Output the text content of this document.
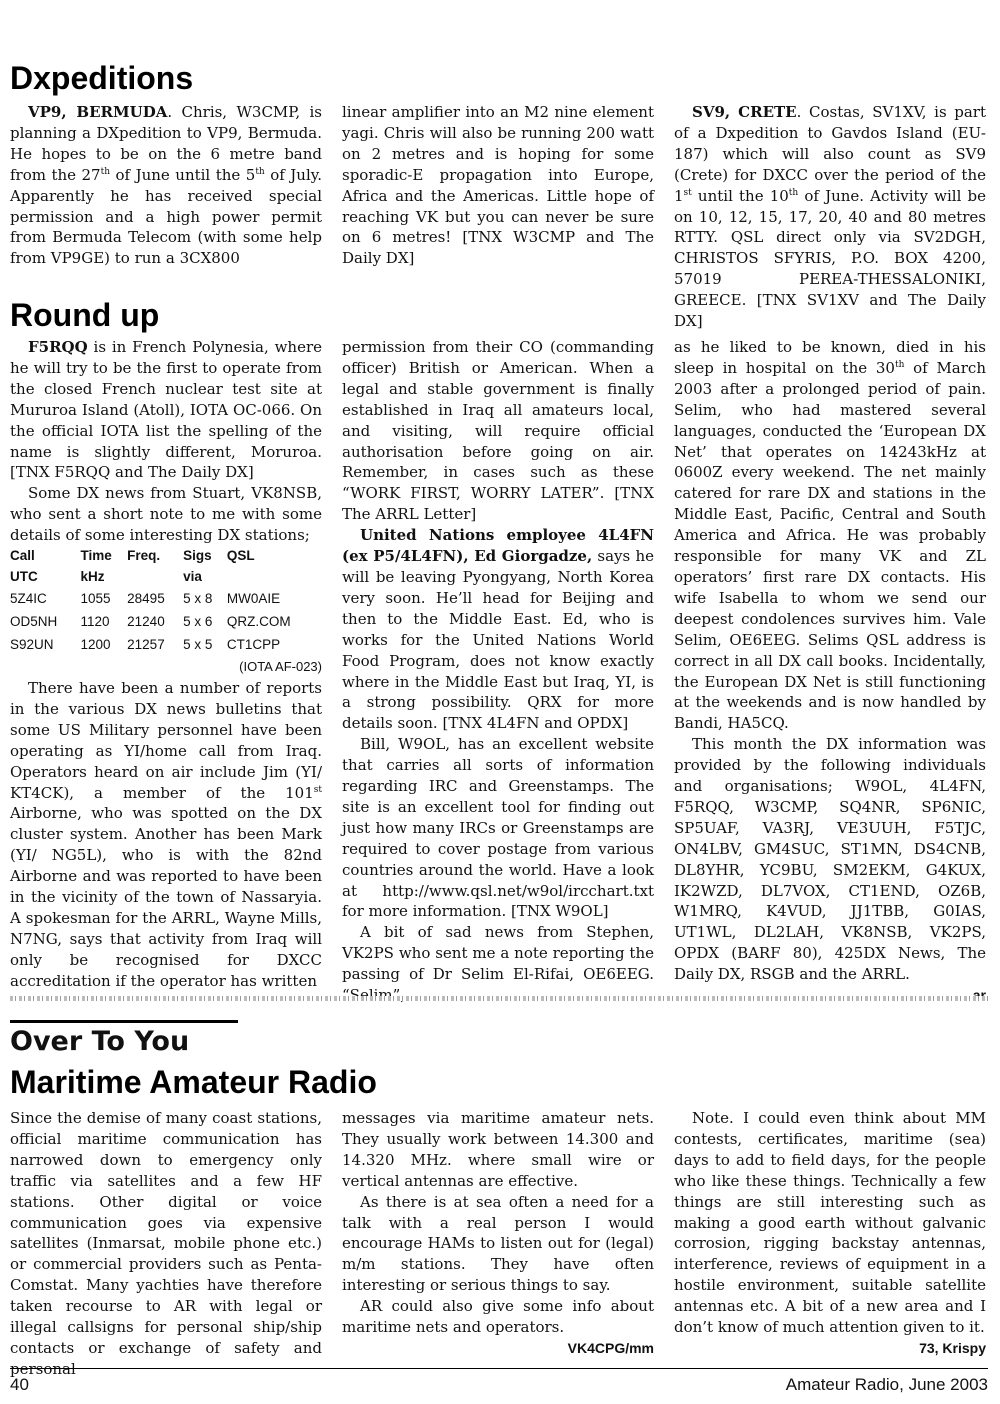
Dxpeditions

VP9, BERMUDA. Chris, W3CMP, is planning a DXpedition to VP9, Bermuda. He hopes to be on the 6 metre band from the 27th of June until the 5th of July. Apparently he has received special permission and a high power permit from Bermuda Telecom (with some help from VP9GE) to run a 3CX800

linear amplifier into an M2 nine element yagi. Chris will also be running 200 watt on 2 metres and is hoping for some sporadic-E propagation into Europe, Africa and the Americas. Little hope of reaching VK but you can never be sure on 6 metres! [TNX W3CMP and The Daily DX]

SV9, CRETE. Costas, SV1XV, is part of a Dxpedition to Gavdos Island (EU-187) which will also count as SV9 (Crete) for DXCC over the period of the 1st until the 10th of June. Activity will be on 10, 12, 15, 17, 20, 40 and 80 metres RTTY. QSL direct only via SV2DGH, CHRISTOS SFYRIS, P.O. BOX 4200, 57019 PEREA-THESSALONIKI, GREECE. [TNX SV1XV and The Daily DX]

Round up

F5RQQ is in French Polynesia, where he will try to be the first to operate from the closed French nuclear test site at Mururoa Island (Atoll), IOTA OC-066. On the official IOTA list the spelling of the name is slightly different, Moruroa. [TNX F5RQQ and The Daily DX]

Some DX news from Stuart, VK8NSB, who sent a short note to me with some details of some interesting DX stations;

Call	Time	Freq.	Sigs	QSL
UTC	kHz		via	
5Z4IC	1055	28495	5 x 8	MW0AIE
OD5NH	1120	21240	5 x 6	QRZ.COM
S92UN	1200	21257	5 x 5	CT1CPP

(IOTA AF-023)

There have been a number of reports in the various DX news bulletins that some US Military personnel have been operating as YI/home call from Iraq. Operators heard on air include Jim (YI/ KT4CK), a member of the 101st Airborne, who was spotted on the DX cluster system. Another has been Mark (YI/ NG5L), who is with the 82nd Airborne and was reported to have been in the vicinity of the town of Nassaryia. A spokesman for the ARRL, Wayne Mills, N7NG, says that activity from Iraq will only be recognised for DXCC accreditation if the operator has written

permission from their CO (commanding officer) British or American. When a legal and stable government is finally established in Iraq all amateurs local, and visiting, will require official authorisation before going on air. Remember, in cases such as these “WORK FIRST, WORRY LATER”. [TNX The ARRL Letter]

United Nations employee 4L4FN (ex P5/4L4FN), Ed Giorgadze, says he will be leaving Pyongyang, North Korea very soon. He’ll head for Beijing and then to the Middle East. Ed, who is works for the United Nations World Food Program, does not know exactly where in the Middle East but Iraq, YI, is a strong possibility. QRX for more details soon. [TNX 4L4FN and OPDX]

Bill, W9OL, has an excellent website that carries all sorts of information regarding IRC and Greenstamps. The site is an excellent tool for finding out just how many IRCs or Greenstamps are required to cover postage from various countries around the world. Have a look at http://www.qsl.net/w9ol/ircchart.txt for more information. [TNX W9OL]

A bit of sad news from Stephen, VK2PS who sent me a note reporting the passing of Dr Selim El-Rifai, OE6EEG.

as he liked to be known, died in his sleep in hospital on the 30th of March 2003 after a prolonged period of pain. Selim, who had mastered several languages, conducted the ‘European DX Net’ that operates on 14243kHz at 0600Z every weekend. The net mainly catered for rare DX and stations in the Middle East, Pacific, Central and South America and Africa. He was probably responsible for many VK and ZL operators’ first rare DX contacts. His wife Isabella to whom we send our deepest condolences survives him. Vale Selim, OE6EEG. Selims QSL address is correct in all DX call books. Incidentally, the European DX Net is still functioning at the weekends and is now handled by Bandi, HA5CQ.

This month the DX information was provided by the following individuals and organisations; W9OL, 4L4FN, F5RQQ, W3CMP, SQ4NR, SP6NIC, SP5UAF, VA3RJ, VE3UUH, F5TJC, ON4LBV, GM4SUC, ST1MN, DS4CNB, DL8YHR, YC9BU, SM2EKM, G4KUX, IK2WZD, DL7VOX, CT1END, OZ6B, W1MRQ, K4VUD, JJ1TBB, G0IAS, UT1WL, DL2LAH, VK8NSB, VK2PS, OPDX (BARF 80), 425DX News, The Daily DX, RSGB and the ARRL.

Over To You
Maritime Amateur Radio

Since the demise of many coast stations, official maritime communication has narrowed down to emergency only traffic via satellites and a few HF stations. Other digital or voice communication goes via expensive satellites (Inmarsat, mobile phone etc.) or commercial providers such as Penta-Comstat. Many yachties have therefore taken recourse to AR with legal or illegal callsigns for personal ship/ship contacts or exchange of safety and personal

messages via maritime amateur nets. They usually work between 14.300 and 14.320 MHz. where small wire or vertical antennas are effective.

As there is at sea often a need for a talk with a real person I would encourage HAMs to listen out for (legal) m/m stations. They have often interesting or serious things to say.

AR could also give some info about maritime nets and operators.

VK4CPG/mm

Note. I could even think about MM contests, certificates, maritime (sea) days to add to field days, for the people who like these things. Technically a few things are still interesting such as making a good earth without galvanic corrosion, rigging backstay antennas, interference, reviews of equipment in a hostile environment, suitable satellite antennas etc. A bit of a new area and I don’t know of much attention given to it.

73, Krispy

40	Amateur Radio, June 2003
